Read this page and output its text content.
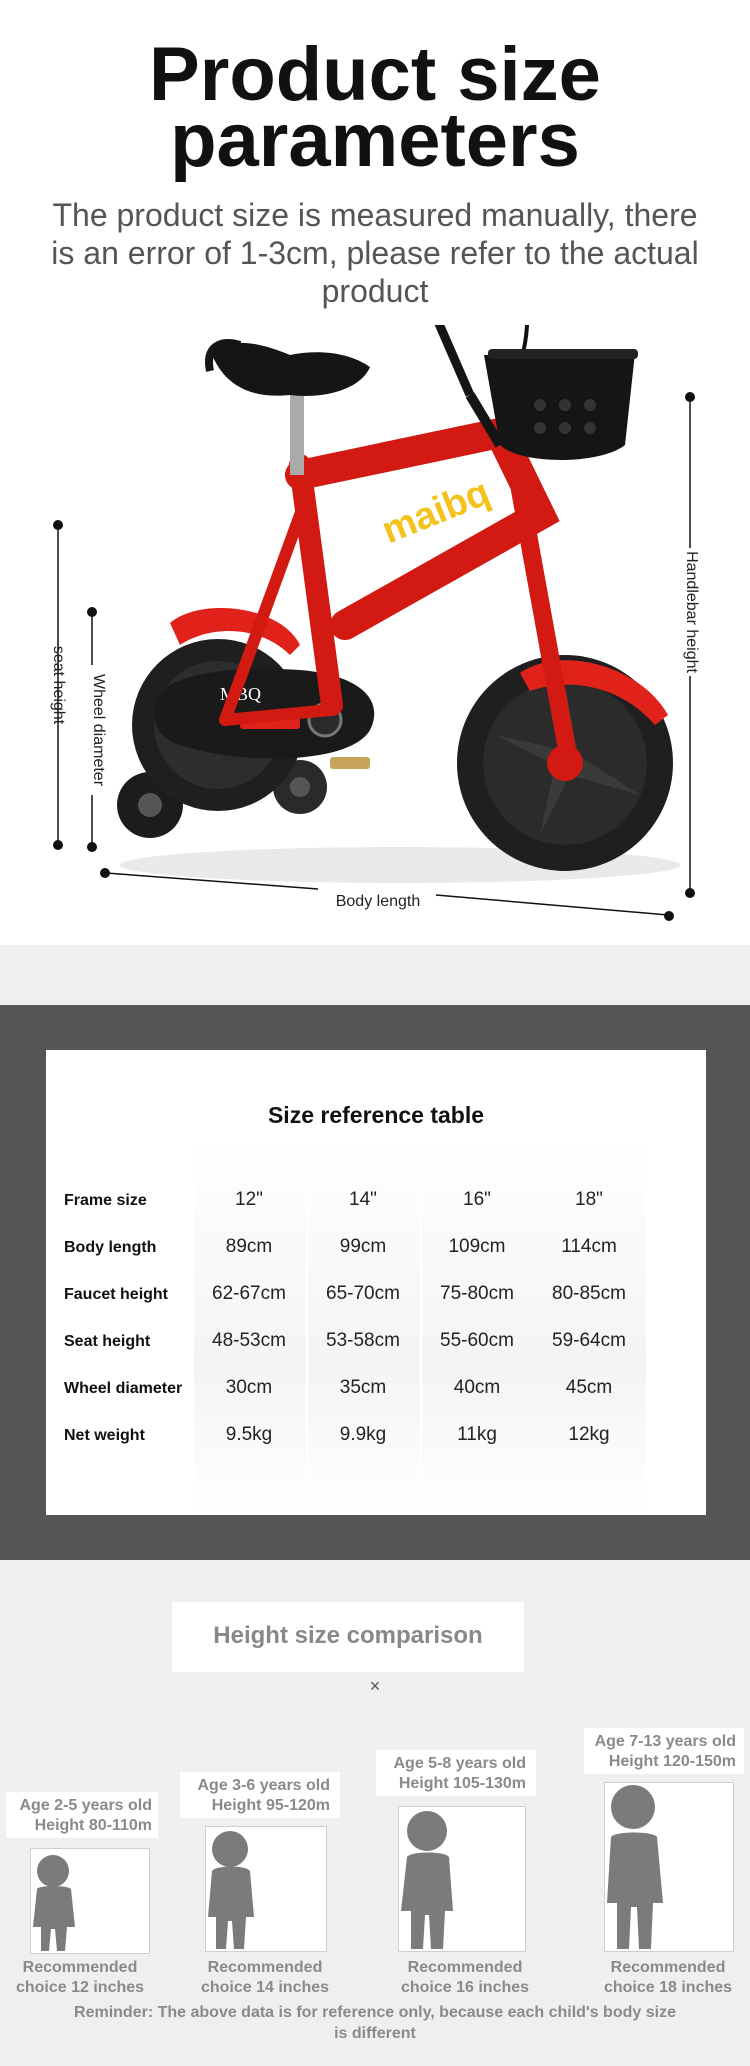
Product size
parameters
The product size is measured manually, there is an error of 1-3cm, please refer to the actual product
MBQ
maibq
seat height Wheel diameter
Handlebar height
Body length
Size reference table
Frame size
Body length
Faucet height
Seat height
Wheel diameter
Net weight
12"
89cm
62-67cm
48-53cm
30cm
9.5kg
14"
99cm
65-70cm
53-58cm
35cm
9.9kg
16"
109cm
75-80cm
55-60cm
40cm
11kg
18"
114cm
80-85cm
59-64cm
45cm
12kg
Height size comparison
×
Age 2-5 years old
Height 80-110m
Recommended
choice 12 inches
Age 3-6 years old
Height 95-120m
Recommended
choice 14 inches
Age 5-8 years old
Height 105-130m
Recommended
choice 16 inches
Age 7-13 years old
Height 120-150m
Recommended
choice 18 inches
Reminder: The above data is for reference only, because each child's body size is different
